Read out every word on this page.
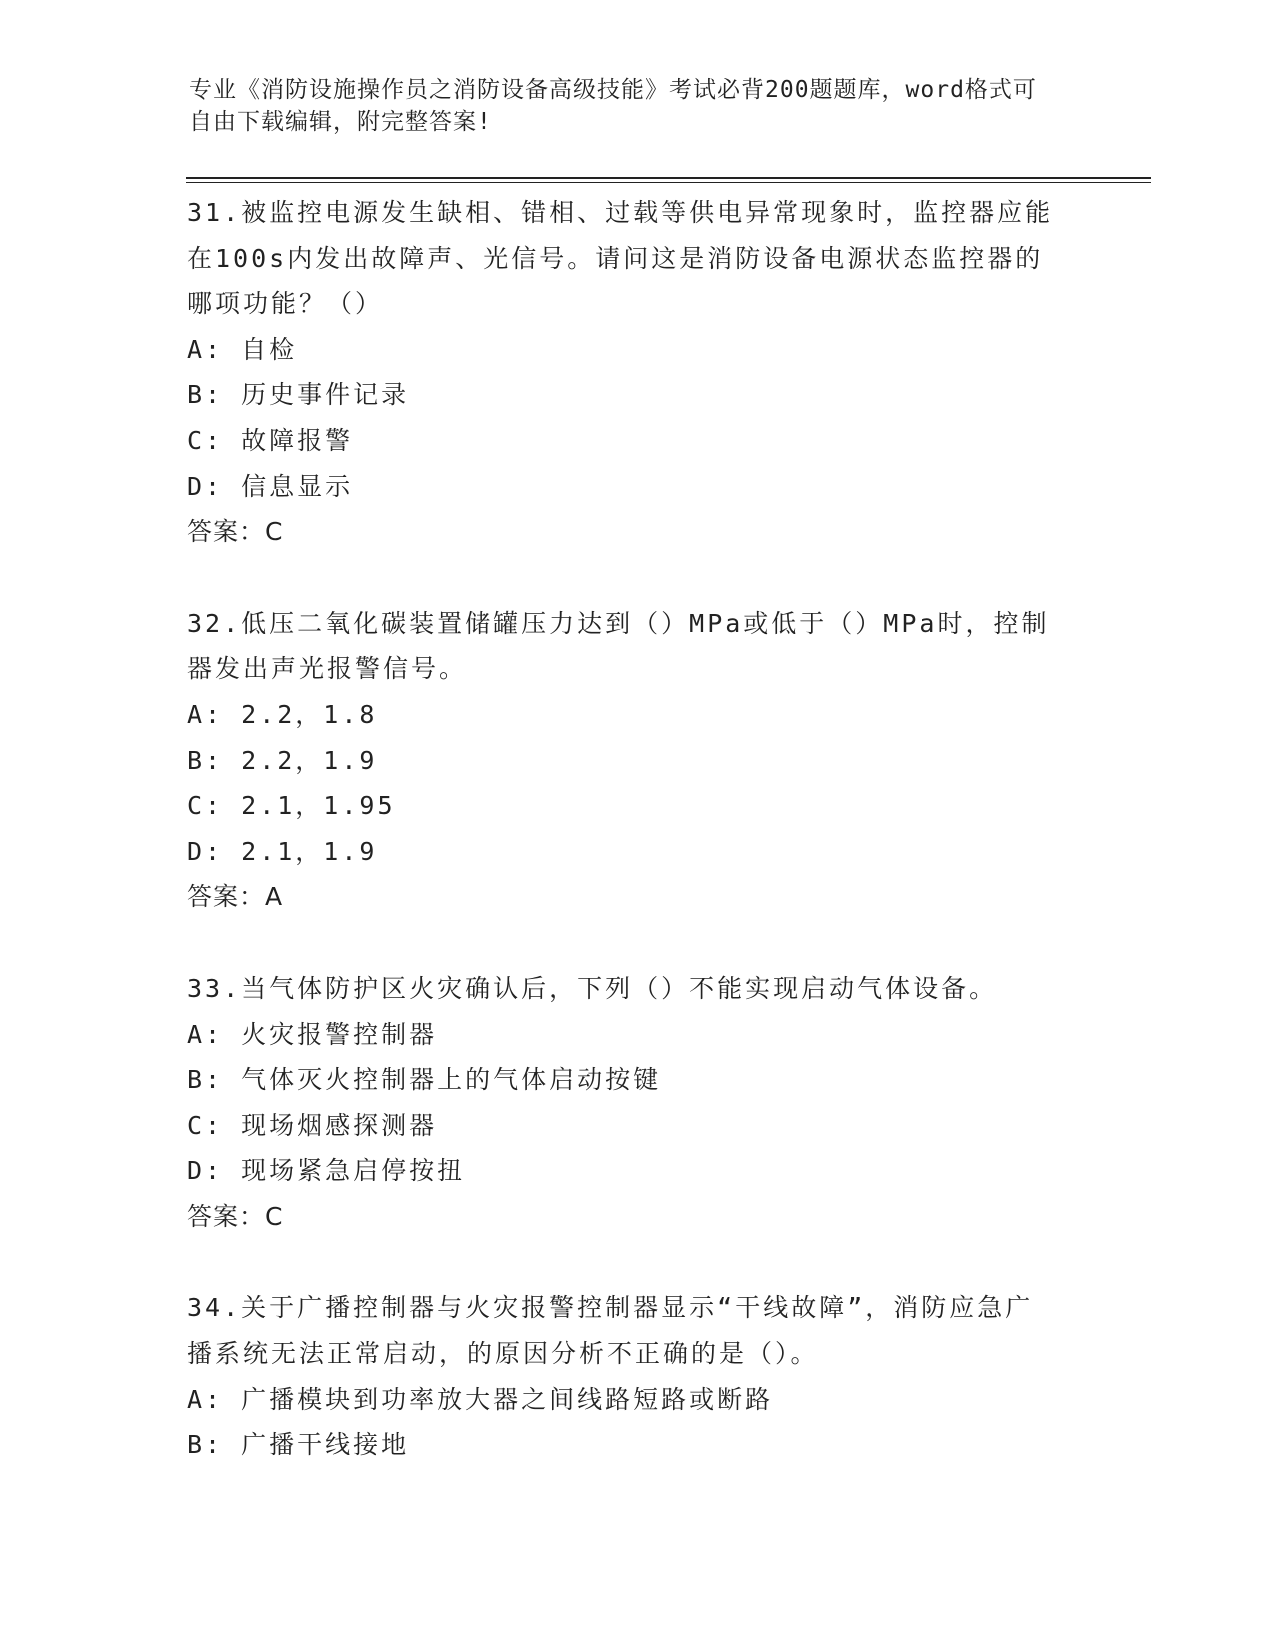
专业《消防设施操作员之消防设备高级技能》考试必背200题题库，word格式可
自由下载编辑，附完整答案!
31.被监控电源发生缺相、错相、过载等供电异常现象时，监控器应能
在100s内发出故障声、光信号。请问这是消防设备电源状态监控器的
哪项功能？（）
A: 自检
B: 历史事件记录
C: 故障报警
D: 信息显示
答案：C
32.低压二氧化碳装置储罐压力达到（）MPa或低于（）MPa时，控制
器发出声光报警信号。
A: 2.2，1.8
B: 2.2，1.9
C: 2.1，1.95
D: 2.1，1.9
答案：A
33.当气体防护区火灾确认后，下列（）不能实现启动气体设备。
A: 火灾报警控制器
B: 气体灭火控制器上的气体启动按键
C: 现场烟感探测器
D: 现场紧急启停按扭
答案：C
34.关于广播控制器与火灾报警控制器显示“干线故障”，消防应急广
播系统无法正常启动，的原因分析不正确的是（）。
A: 广播模块到功率放大器之间线路短路或断路
B: 广播干线接地
